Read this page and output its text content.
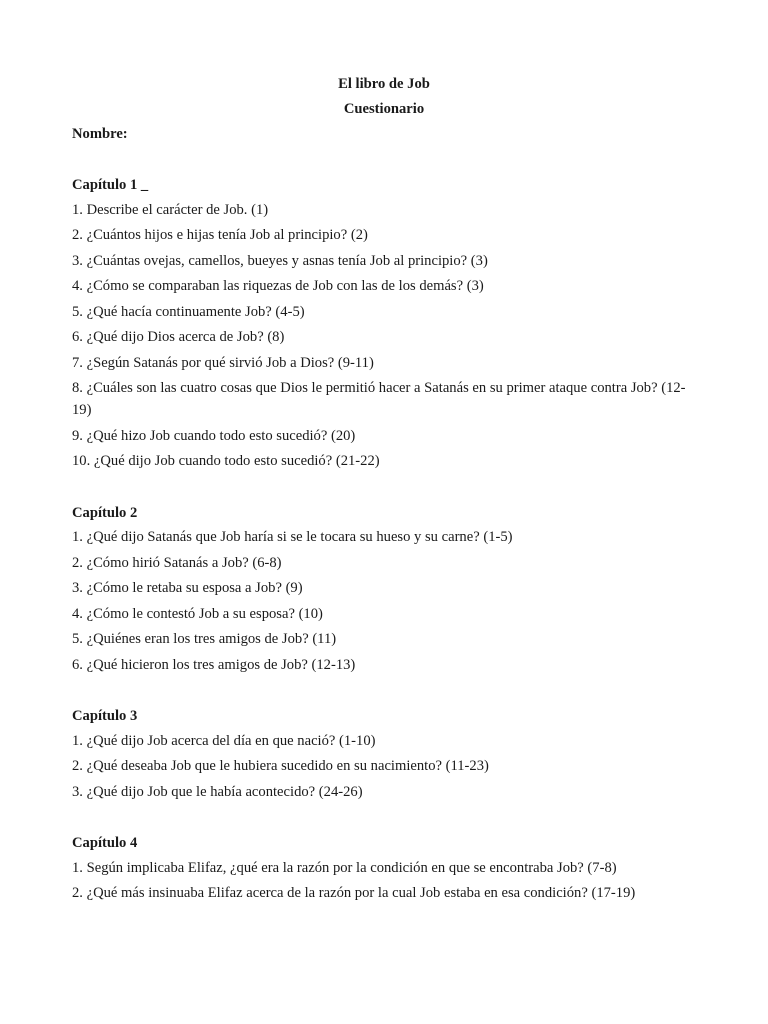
El libro de Job
Cuestionario
Nombre:
Capítulo 1 _
1. Describe el carácter de Job. (1)
2. ¿Cuántos hijos e hijas tenía Job al principio? (2)
3. ¿Cuántas ovejas, camellos, bueyes y asnas tenía Job al principio? (3)
4. ¿Cómo se comparaban las riquezas de Job con las de los demás? (3)
5. ¿Qué hacía continuamente Job? (4-5)
6. ¿Qué dijo Dios acerca de Job? (8)
7. ¿Según Satanás por qué sirvió Job a Dios? (9-11)
8. ¿Cuáles son las cuatro cosas que Dios le permitió hacer a Satanás en su primer ataque contra Job? (12-19)
9. ¿Qué hizo Job cuando todo esto sucedió? (20)
10. ¿Qué dijo Job cuando todo esto sucedió? (21-22)
Capítulo 2
1. ¿Qué dijo Satanás que Job haría si se le tocara su hueso y su carne? (1-5)
2. ¿Cómo hirió Satanás a Job? (6-8)
3. ¿Cómo le retaba su esposa a Job? (9)
4. ¿Cómo le contestó Job a su esposa? (10)
5. ¿Quiénes eran los tres amigos de Job? (11)
6. ¿Qué hicieron los tres amigos de Job? (12-13)
Capítulo 3
1. ¿Qué dijo Job acerca del día en que nació? (1-10)
2. ¿Qué deseaba Job que le hubiera sucedido en su nacimiento? (11-23)
3. ¿Qué dijo Job que le había acontecido? (24-26)
Capítulo 4
1. Según implicaba Elifaz, ¿qué era la razón por la condición en que se encontraba Job? (7-8)
2. ¿Qué más insinuaba Elifaz acerca de la razón por la cual Job estaba en esa condición? (17-19)
